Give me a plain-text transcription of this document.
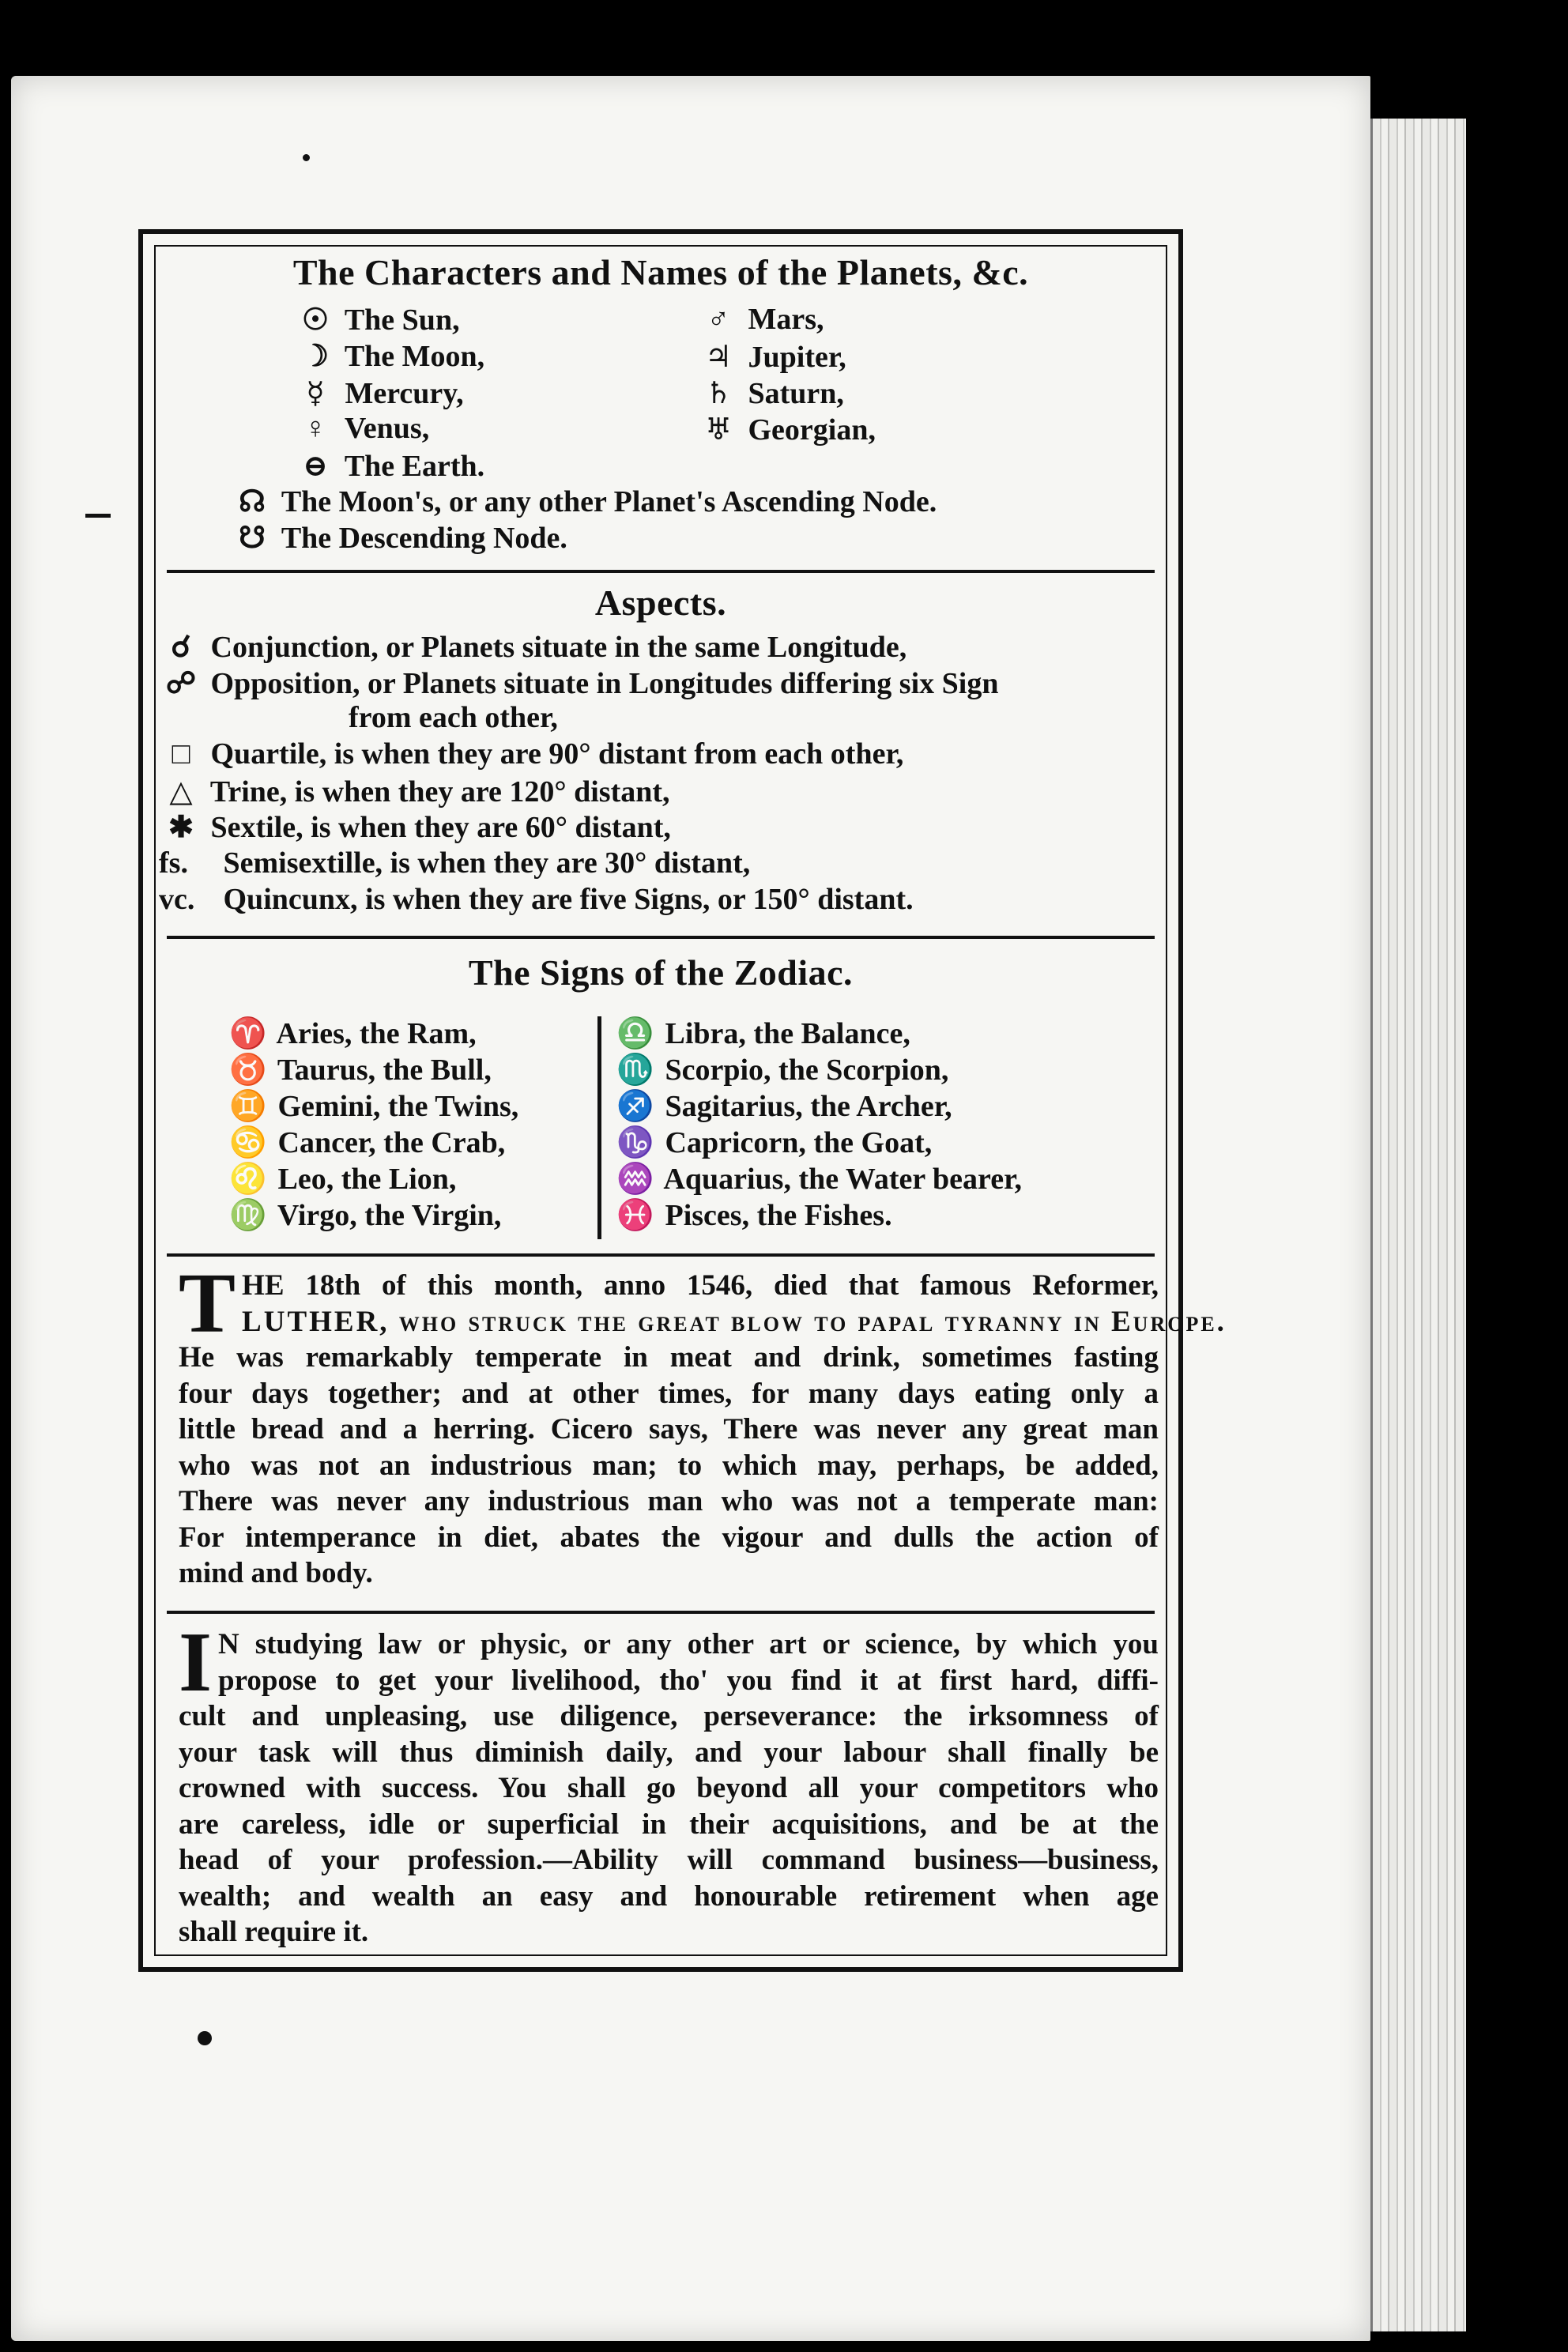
The Characters and Names of the Planets, &c.
☉ The Sun,
☽ The Moon,
☿ Mercury,
♀ Venus,
⊖ The Earth.
♂ Mars,
♃ Jupiter,
♄ Saturn,
♅ Georgian,
☊ The Moon's, or any other Planet's Ascending Node.
☋ The Descending Node.
Aspects.
☌ Conjunction, or Planets situate in the same Longitude,
☍ Opposition, or Planets situate in Longitudes differing six Sign
from each other,
□ Quartile, is when they are 90° distant from each other,
△ Trine, is when they are 120° distant,
✱ Sextile, is when they are 60° distant,
fs. Semisextille, is when they are 30° distant,
vc. Quincunx, is when they are five Signs, or 150° distant.
The Signs of the Zodiac.
♈ Aries, the Ram,
♉ Taurus, the Bull,
♊ Gemini, the Twins,
♋ Cancer, the Crab,
♌ Leo, the Lion,
♍ Virgo, the Virgin,
♎ Libra, the Balance,
♏ Scorpio, the Scorpion,
♐ Sagitarius, the Archer,
♑ Capricorn, the Goat,
♒ Aquarius, the Water bearer,
♓ Pisces, the Fishes.
T HE 18th of this month, anno 1546, died that famous Reformer,
LUTHER, who struck the great blow to papal tyranny in Europe.
He was remarkably temperate in meat and drink, sometimes fasting
four days together; and at other times, for many days eating only a
little bread and a herring. Cicero says, There was never any great man
who was not an industrious man; to which may, perhaps, be added,
There was never any industrious man who was not a temperate man:
For intemperance in diet, abates the vigour and dulls the action of
mind and body.
I N studying law or physic, or any other art or science, by which you
propose to get your livelihood, tho' you find it at first hard, diffi-
cult and unpleasing, use diligence, perseverance: the irksomness of
your task will thus diminish daily, and your labour shall finally be
crowned with success. You shall go beyond all your competitors who
are careless, idle or superficial in their acquisitions, and be at the
head of your profession.—Ability will command business—business,
wealth; and wealth an easy and honourable retirement when age
shall require it.
